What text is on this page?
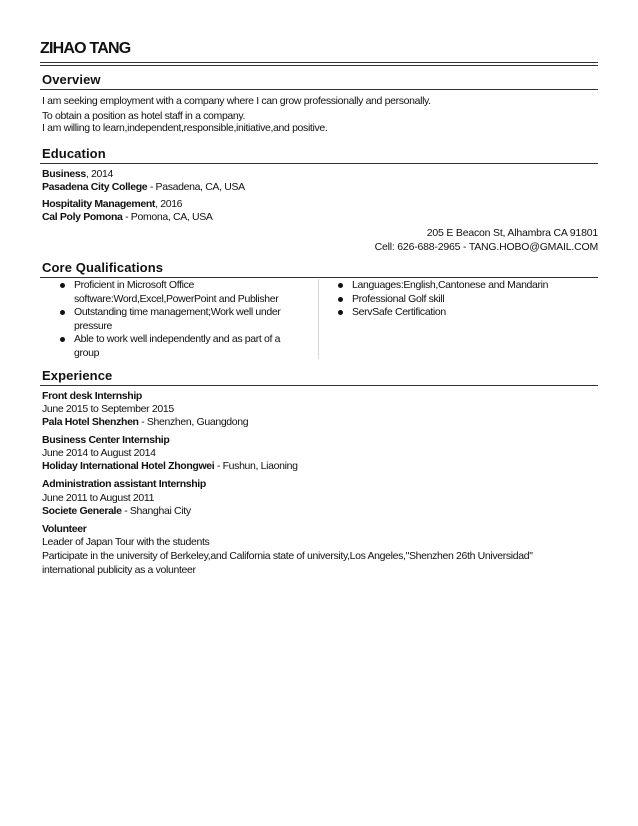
ZIHAO TANG
Overview

I am seeking employment with a company where I can grow professionally and personally.

To obtain a position as hotel staff in a company.

I am willing to learn,independent,responsible,initiative,and positive.

Education

Business, 2014

Pasadena City College - Pasadena, CA, USA

Hospitality Management, 2016

Cal Poly Pomona - Pomona, CA, USA

205 E Beacon St, Alhambra CA 91801
Cell: 626-688-2965 - TANG.HOBO@GMAIL.COM
Core Qualifications
Proficient in Microsoft Office
software:Word,Excel,PowerPoint and Publisher
Outstanding time management;Work well under
pressure
Able to work well independently and as part of a
group
Languages:English,Cantonese and Mandarin
Professional Golf skill
ServSafe Certification
Experience

Front desk Internship

June 2015 to September 2015

Pala Hotel Shenzhen - Shenzhen, Guangdong

Business Center Internship

June 2014 to August 2014

Holiday International Hotel Zhongwei - Fushun, Liaoning

Administration assistant Internship

June 2011 to August 2011

Societe Generale - Shanghai City

Volunteer

Leader of Japan Tour with the students

Participate in the university of Berkeley,and California state of university,Los Angeles,"Shenzhen 26th Universidad"

international publicity as a volunteer
